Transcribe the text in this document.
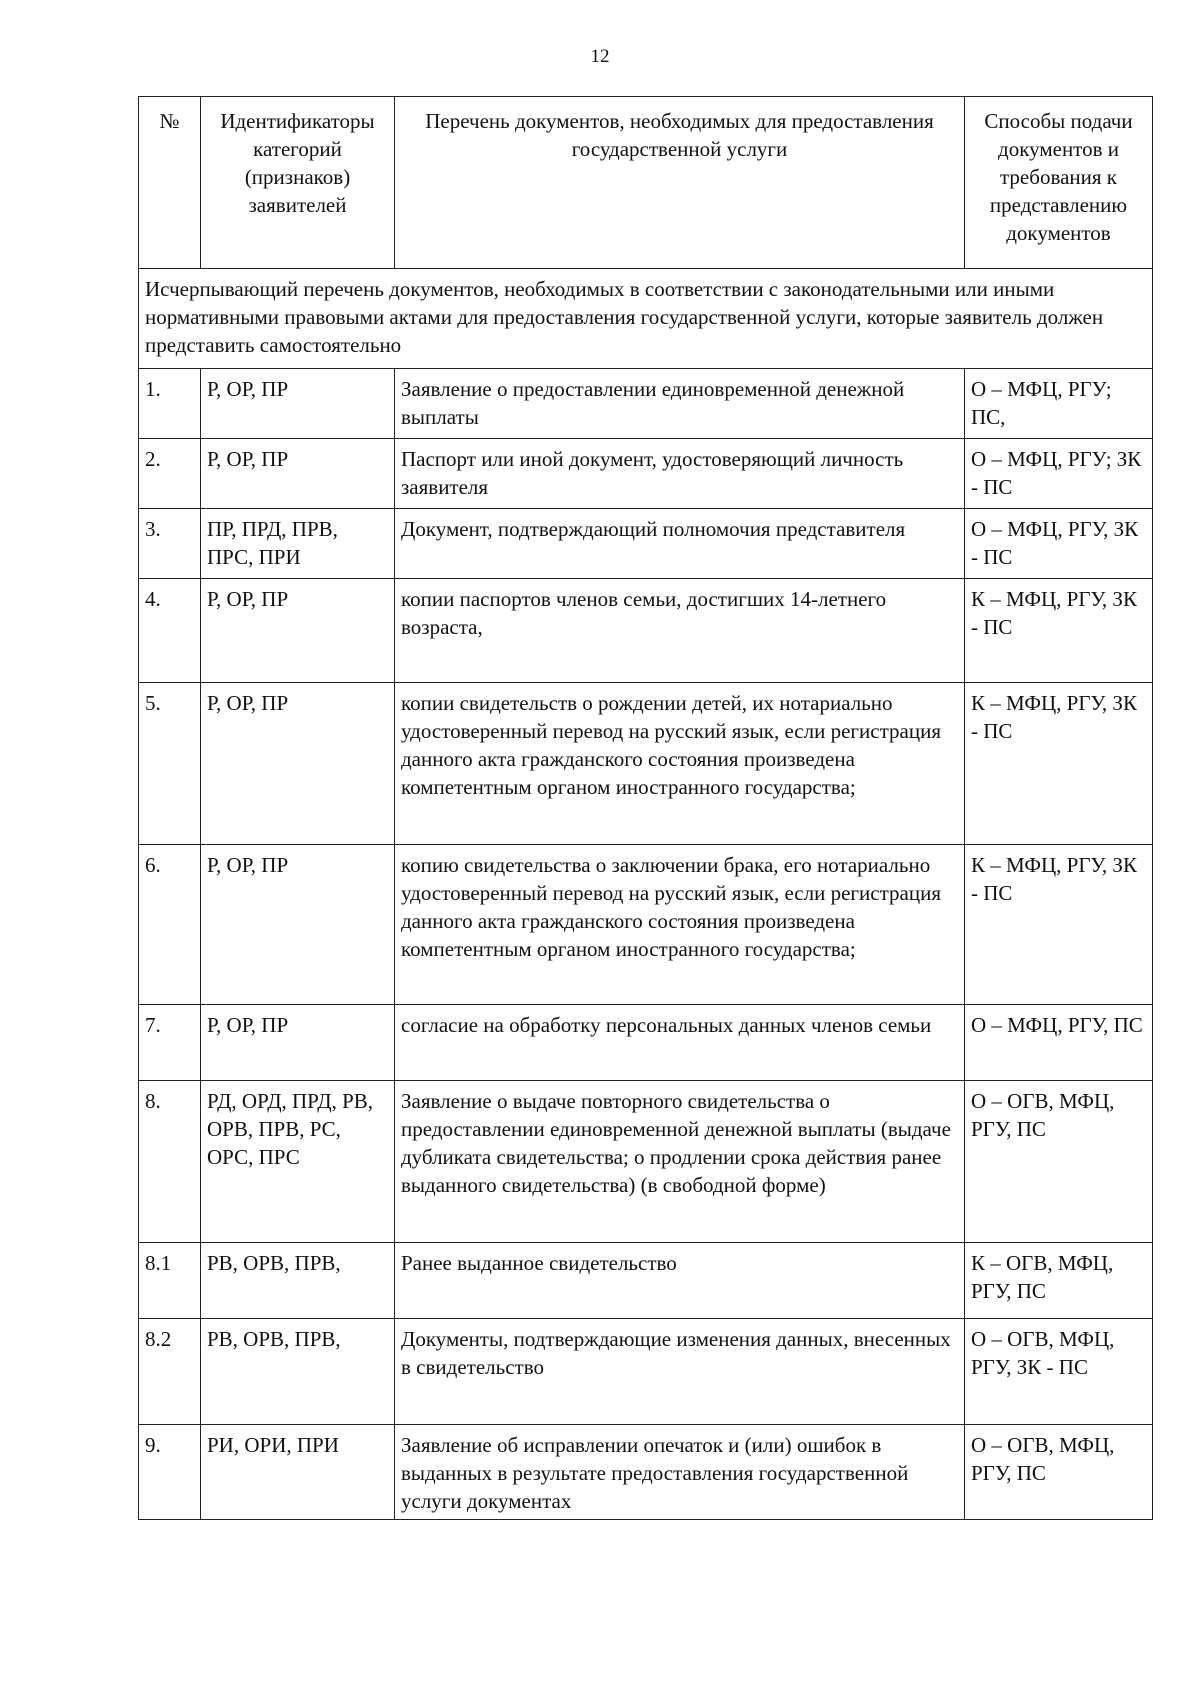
12
№	Идентификаторы категорий (признаков) заявителей	Перечень документов, необходимых для предоставления государственной услуги	Способы подачи документов и требования к представлению документов
Исчерпывающий перечень документов, необходимых в соответствии с законодательными или иными нормативными правовыми актами для предоставления государственной услуги, которые заявитель должен представить самостоятельно			
1.	Р, ОР, ПР	Заявление о предоставлении единовременной денежной выплаты	О – МФЦ, РГУ; ПС,
2.	Р, ОР, ПР	Паспорт или иной документ, удостоверяющий личность заявителя	О – МФЦ, РГУ; ЗК - ПС
3.	ПР, ПРД, ПРВ, ПРС, ПРИ	Документ, подтверждающий полномочия представителя	О – МФЦ, РГУ, ЗК - ПС
4.	Р, ОР, ПР	копии паспортов членов семьи, достигших 14-летнего возраста,	К – МФЦ, РГУ, ЗК - ПС
5.	Р, ОР, ПР	копии свидетельств о рождении детей, их нотариально удостоверенный перевод на русский язык, если регистрация данного акта гражданского состояния произведена компетентным органом иностранного государства;	К – МФЦ, РГУ, ЗК - ПС
6.	Р, ОР, ПР	копию свидетельства о заключении брака, его нотариально удостоверенный перевод на русский язык, если регистрация данного акта гражданского состояния произведена компетентным органом иностранного государства;	К – МФЦ, РГУ, ЗК - ПС
7.	Р, ОР, ПР	согласие на обработку персональных данных членов семьи	О – МФЦ, РГУ, ПС
8.	РД, ОРД, ПРД, РВ, ОРВ, ПРВ, РС, ОРС, ПРС	Заявление о выдаче повторного свидетельства о предоставлении единовременной денежной выплаты (выдаче дубликата свидетельства; о продлении срока действия ранее выданного свидетельства) (в свободной форме)	О – ОГВ, МФЦ, РГУ, ПС
8.1	РВ, ОРВ, ПРВ,	Ранее выданное свидетельство	К – ОГВ, МФЦ, РГУ, ПС
8.2	РВ, ОРВ, ПРВ,	Документы, подтверждающие изменения данных, внесенных в свидетельство	О – ОГВ, МФЦ, РГУ, ЗК - ПС
9.	РИ, ОРИ, ПРИ	Заявление об исправлении опечаток и (или) ошибок в выданных в результате предоставления государственной услуги документах	О – ОГВ, МФЦ, РГУ, ПС
